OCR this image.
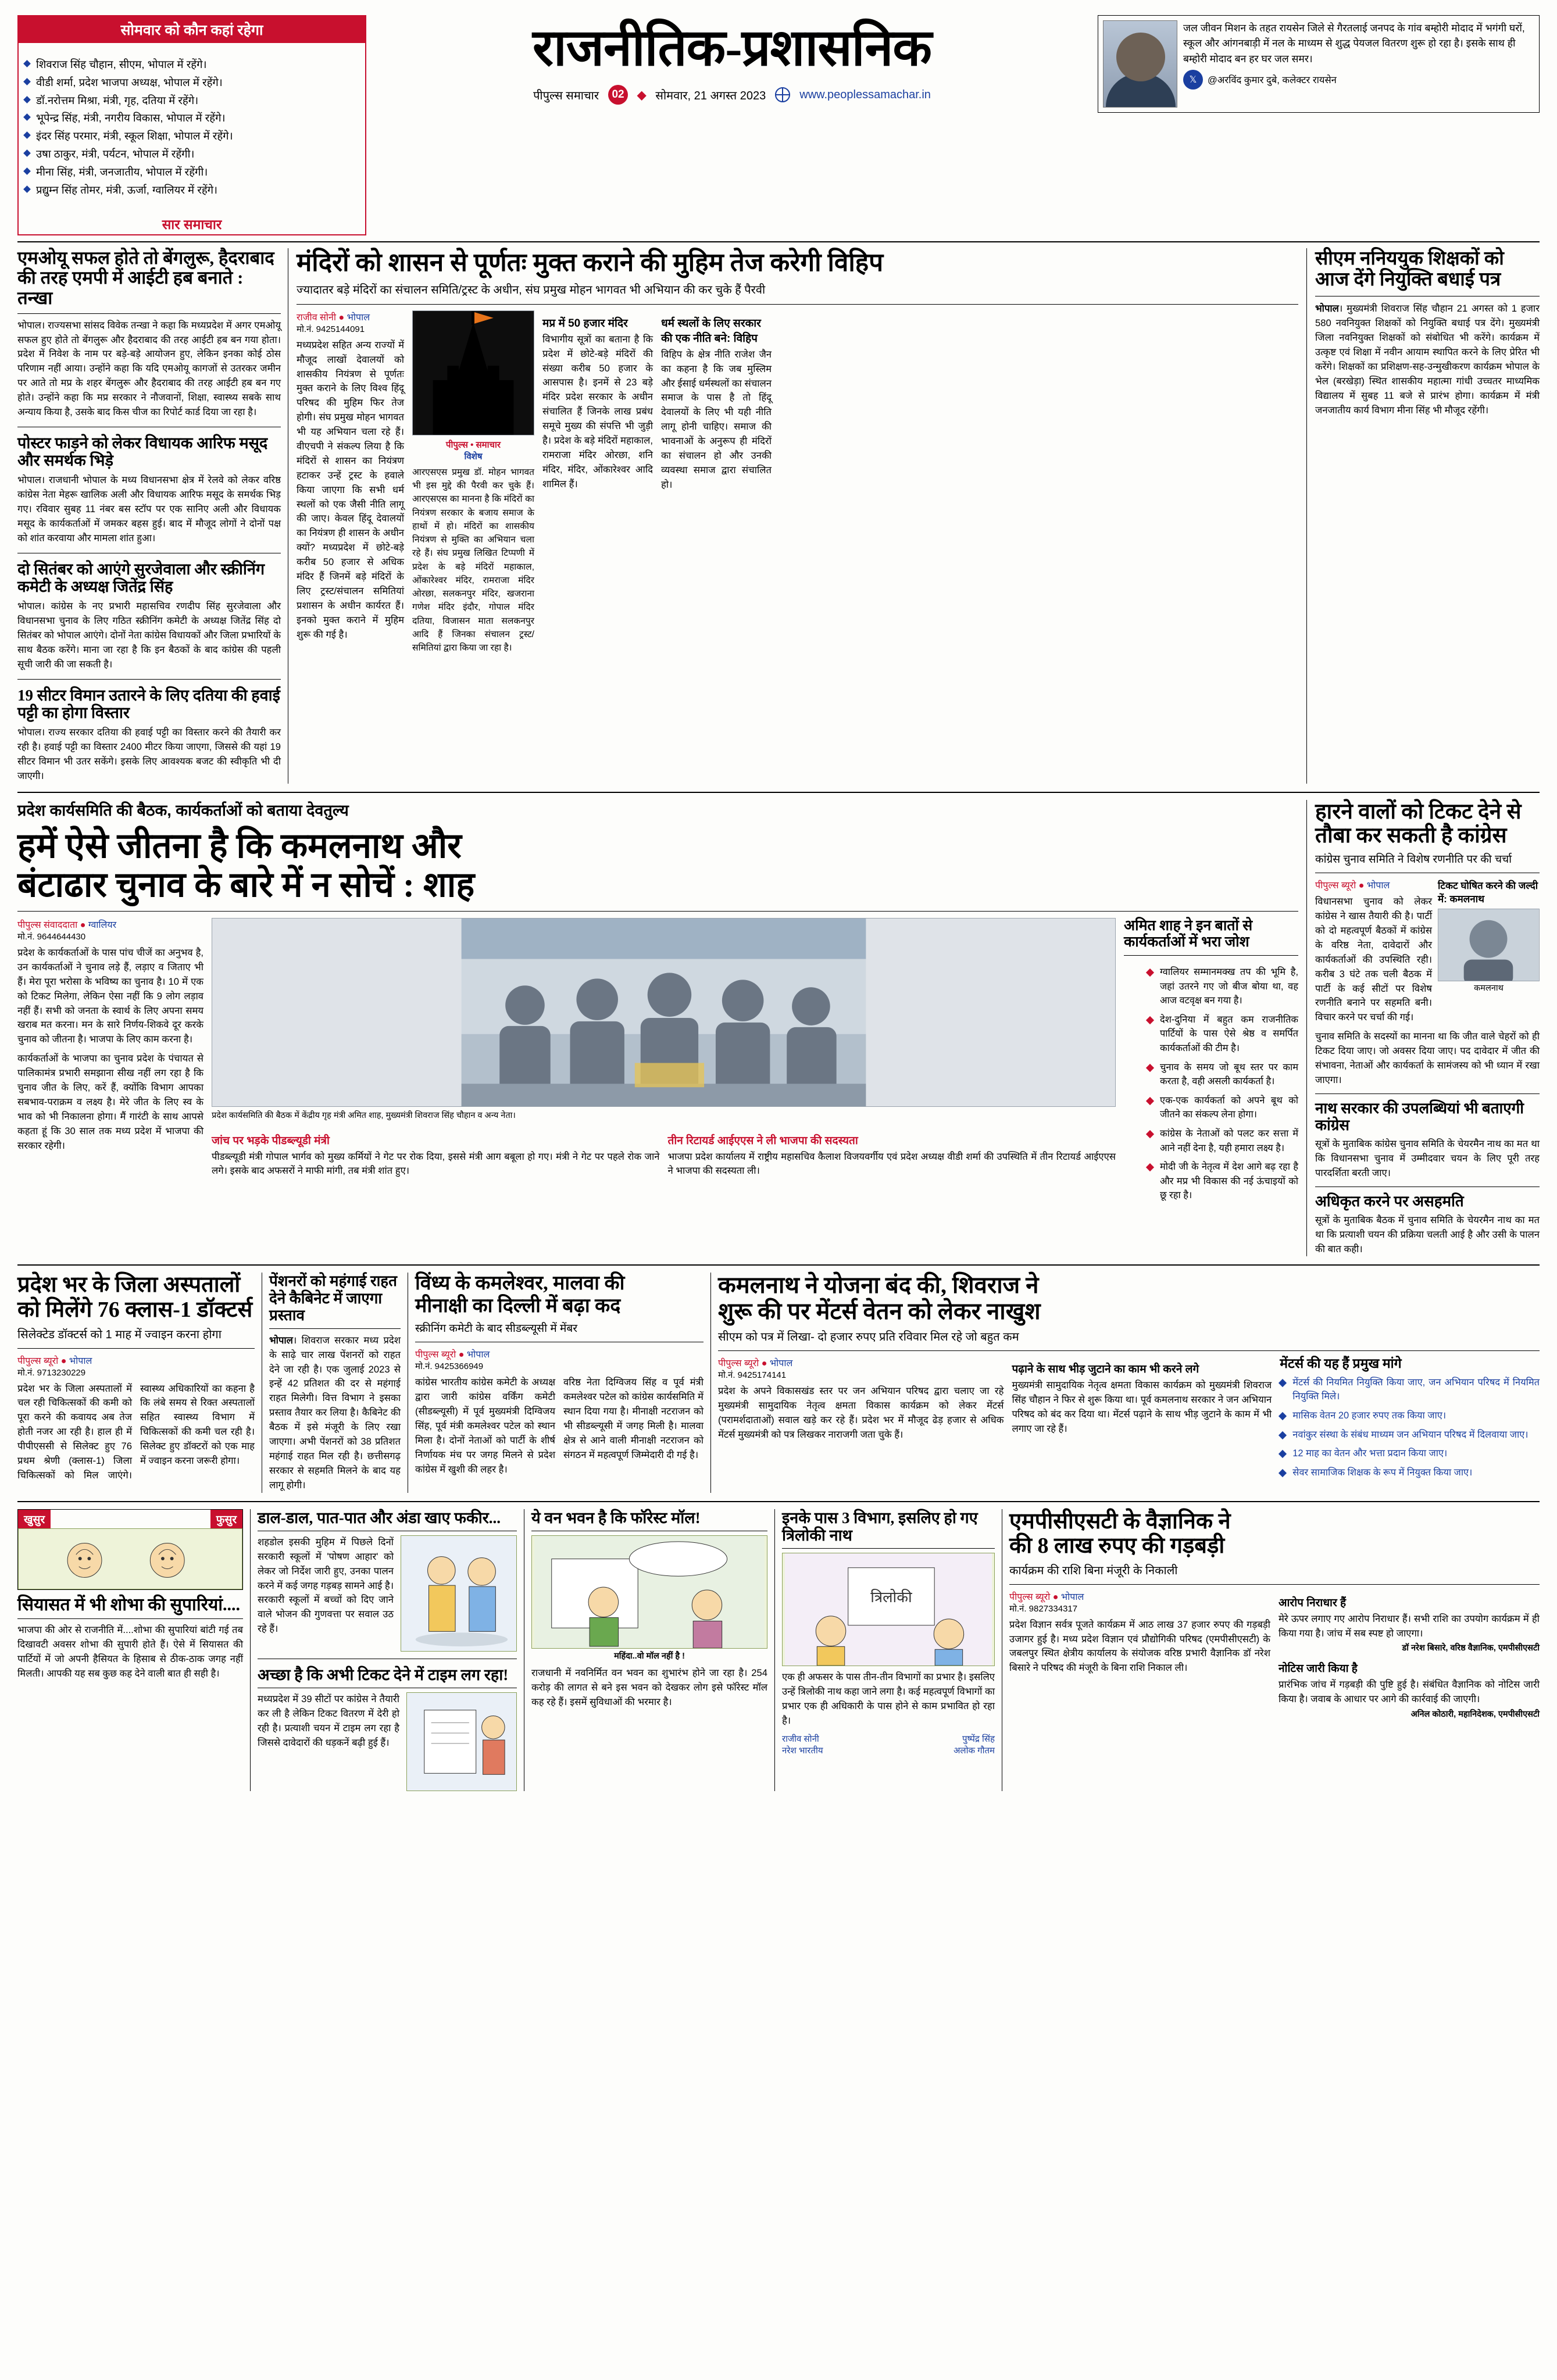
सोमवार को कौन कहां रहेगा
शिवराज सिंह चौहान, सीएम, भोपाल में रहेंगे।
वीडी शर्मा, प्रदेश भाजपा अध्यक्ष, भोपाल में रहेंगे।
डॉ.नरोत्तम मिश्रा, मंत्री, गृह, दतिया में रहेंगे।
भूपेन्द्र सिंह, मंत्री, नगरीय विकास, भोपाल में रहेंगे।
इंदर सिंह परमार, मंत्री, स्कूल शिक्षा, भोपाल में रहेंगे।
उषा ठाकुर, मंत्री, पर्यटन, भोपाल में रहेंगी।
मीना सिंह, मंत्री, जनजातीय, भोपाल में रहेंगी।
प्रद्युम्न सिंह तोमर, मंत्री, ऊर्जा, ग्वालियर में रहेंगे।
सार समाचार
राजनीतिक-प्रशासनिक
पीपुल्स समाचार	02	◆ सोमवार, 21 अगस्त 2023	www.peoplessamachar.in
जल जीवन मिशन के तहत रायसेन जिले से गैरतलाई जनपद के गांव बम्होरी मोदाद में भगंगी घरों, स्कूल और आंगनबाड़ी में नल के माध्यम से शुद्ध पेयजल वितरण शुरू हो रहा है। इसके साथ ही बम्होरी मोदाद बन हर घर जल समर।
𝕏	@अरविंद कुमार दुबे, कलेक्टर रायसेन
एमओयू सफल होते तो बेंगलुरू, हैदराबाद की तरह एमपी में आईटी हब बनाते : तन्खा
भोपाल। राज्यसभा सांसद विवेक तन्खा ने कहा कि मध्यप्रदेश में अगर एमओयू सफल हुए होते तो बेंगलुरू और हैदराबाद की तरह आईटी हब बन गया होता। प्रदेश में निवेश के नाम पर बड़े-बड़े आयोजन हुए, लेकिन इनका कोई ठोस परिणाम नहीं आया। उन्होंने कहा कि यदि एमओयू कागजों से उतरकर जमीन पर आते तो मप्र के शहर बेंगलुरू और हैदराबाद की तरह आईटी हब बन गए होते। उन्होंने कहा कि मप्र सरकार ने नौजवानों, शिक्षा, स्वास्थ्य सबके साथ अन्याय किया है, उसके बाद किस चीज का रिपोर्ट कार्ड दिया जा रहा है।
पोस्टर फाड़ने को लेकर विधायक आरिफ मसूद और समर्थक भिड़े
भोपाल। राजधानी भोपाल के मध्य विधानसभा क्षेत्र में रेलवे को लेकर वरिष्ठ कांग्रेस नेता मेहरू खालिक अली और विधायक आरिफ मसूद के समर्थक भिड़ गए। रविवार सुबह 11 नंबर बस स्टॉप पर एक सानिए अली और विधायक मसूद के कार्यकर्ताओं में जमकर बहस हुई। बाद में मौजूद लोगों ने दोनों पक्ष को शांत करवाया और मामला शांत हुआ।
दो सितंबर को आएंगे सुरजेवाला और स्क्रीनिंग कमेटी के अध्यक्ष जितेंद्र सिंह
भोपाल। कांग्रेस के नए प्रभारी महासचिव रणदीप सिंह सुरजेवाला और विधानसभा चुनाव के लिए गठित स्क्रीनिंग कमेटी के अध्यक्ष जितेंद्र सिंह दो सितंबर को भोपाल आएंगे। दोनों नेता कांग्रेस विधायकों और जिला प्रभारियों के साथ बैठक करेंगे। माना जा रहा है कि इन बैठकों के बाद कांग्रेस की पहली सूची जारी की जा सकती है।
19 सीटर विमान उतारने के लिए दतिया की हवाई पट्टी का होगा विस्तार
भोपाल। राज्य सरकार दतिया की हवाई पट्टी का विस्तार करने की तैयारी कर रही है। हवाई पट्टी का विस्तार 2400 मीटर किया जाएगा, जिससे की यहां 19 सीटर विमान भी उतर सकेंगे। इसके लिए आवश्यक बजट की स्वीकृति भी दी जाएगी।
मंदिरों को शासन से पूर्णतः मुक्त कराने की मुहिम तेज करेगी विहिप
ज्यादातर बड़े मंदिरों का संचालन समिति/ट्रस्ट के अधीन, संघ प्रमुख मोहन भागवत भी अभियान की कर चुके हैं पैरवी
राजीव सोनी ● भोपाल
मो.नं. 9425144091
मध्यप्रदेश सहित अन्य राज्यों में मौजूद लाखों देवालयों को शासकीय नियंत्रण से पूर्णतः मुक्त कराने के लिए विश्व हिंदू परिषद की मुहिम फिर तेज होगी। संघ प्रमुख मोहन भागवत भी यह अभियान चला रहे हैं। वीएचपी ने संकल्प लिया है कि मंदिरों से शासन का नियंत्रण हटाकर उन्हें ट्रस्ट के हवाले किया जाएगा कि सभी धर्म स्थलों को एक जैसी नीति लागू की जाए। केवल हिंदू देवालयों का नियंत्रण ही शासन के अधीन क्यों? मध्यप्रदेश में छोटे-बड़े करीब 50 हजार से अधिक मंदिर हैं जिनमें बड़े मंदिरों के लिए ट्रस्ट/संचालन समितियां प्रशासन के अधीन कार्यरत हैं। इनको मुक्त कराने में मुहिम शुरू की गई है।
पीपुल्स • समाचार
विशेष
आरएसएस प्रमुख डॉ. मोहन भागवत भी इस मुद्दे की पैरवी कर चुके हैं। आरएसएस का मानना है कि मंदिरों का नियंत्रण सरकार के बजाय समाज के हाथों में हो। मंदिरों का शासकीय नियंत्रण से मुक्ति का अभियान चला रहे हैं। संघ प्रमुख लिखित टिप्पणी में प्रदेश के बड़े मंदिरों महाकाल, ओंकारेश्वर मंदिर, रामराजा मंदिर ओरछा, सलकनपुर मंदिर, खजराना गणेश मंदिर इंदौर, गोपाल मंदिर दतिया, विजासन माता सलकनपुर आदि हैं जिनका संचालन ट्रस्ट/समितियां द्वारा किया जा रहा है।
मप्र में 50 हजार मंदिर
विभागीय सूत्रों का बताना है कि प्रदेश में छोटे-बड़े मंदिरों की संख्या करीब 50 हजार के आसपास है। इनमें से 23 बड़े मंदिर प्रदेश सरकार के अधीन संचालित हैं जिनके लाख प्रबंध समूचे मुख्य की संपत्ति भी जुड़ी है। प्रदेश के बड़े मंदिरों महाकाल, रामराजा मंदिर ओरछा, शनि मंदिर, मंदिर, ओंकारेश्वर आदि शामिल हैं।
धर्म स्थलों के लिए सरकार की एक नीति बने: विहिप
विहिप के क्षेत्र नीति राजेश जैन का कहना है कि जब मुस्लिम और ईसाई धर्मस्थलों का संचालन समाज के पास है तो हिंदू देवालयों के लिए भी यही नीति लागू होनी चाहिए। समाज की भावनाओं के अनुरूप ही मंदिरों का संचालन हो और उनकी व्यवस्था समाज द्वारा संचालित हो।
सीएम ननिययुक शिक्षकों को आज देंगे नियुक्ति बधाई पत्र
भोपाल। मुख्यमंत्री शिवराज सिंह चौहान 21 अगस्त को 1 हजार 580 नवनियुक्त शिक्षकों को नियुक्ति बधाई पत्र देंगे। मुख्यमंत्री जिला नवनियुक्त शिक्षकों को संबोधित भी करेंगे। कार्यक्रम में उत्कृष्ट एवं शिक्षा में नवीन आयाम स्थापित करने के लिए प्रेरित भी करेंगे। शिक्षकों का प्रशिक्षण-सह-उन्मुखीकरण कार्यक्रम भोपाल के भेल (बरखेड़ा) स्थित शासकीय महात्मा गांधी उच्चतर माध्यमिक विद्यालय में सुबह 11 बजे से प्रारंभ होगा। कार्यक्रम में मंत्री जनजातीय कार्य विभाग मीना सिंह भी मौजूद रहेंगी।
प्रदेश कार्यसमिति की बैठक, कार्यकर्ताओं को बताया देवतुल्य
हमें ऐसे जीतना है कि कमलनाथ और
बंटाढार चुनाव के बारे में न सोचें : शाह
पीपुल्स संवाददाता ● ग्वालियर
मो.नं. 9644644430
प्रदेश के कार्यकर्ताओं के पास पांच चीजें का अनुभव है, उन कार्यकर्ताओं ने चुनाव लड़े हैं, लड़ाए व जिताए भी हैं। मेरा पूरा भरोसा के भविष्य का चुनाव है। 10 में एक को टिकट मिलेगा, लेकिन ऐसा नहीं कि 9 लोग लड़ाव नहीं हैं। सभी को जनता के स्वार्थ के लिए अपना समय खराब मत करना। मन के सारे निर्णय-शिकवे दूर करके चुनाव को जीतना है। भाजपा के लिए काम करना है।
कार्यकर्ताओं के भाजपा का चुनाव प्रदेश के पंचायत से पालिकामंत्र प्रभारी समझाना सीख नहीं लग रहा है कि चुनाव जीत के लिए, करें हैं, क्योंकि विभाग आपका सबभाव-पराक्रम व लक्ष्य है। मेरे जीत के लिए स्व के भाव को भी निकालना होगा। मैं गारंटी के साथ आपसे कहता हूं कि 30 साल तक मध्य प्रदेश में भाजपा की सरकार रहेगी।
प्रदेश कार्यसमिति की बैठक में केंद्रीय गृह मंत्री अमित शाह, मुख्यमंत्री शिवराज सिंह चौहान व अन्य नेता।
जांच पर भड़के पीडब्ल्यूडी मंत्री
पीडब्ल्यूडी मंत्री गोपाल भार्गव को मुख्य कर्मियों ने गेट पर रोक दिया, इससे मंत्री आग बबूला हो गए। मंत्री ने गेट पर पहले रोक जाने लगे। इसके बाद अफसरों ने माफी मांगी, तब मंत्री शांत हुए।
तीन रिटायर्ड आईएएस ने ली भाजपा की सदस्यता
भाजपा प्रदेश कार्यालय में राष्ट्रीय महासचिव कैलाश विजयवर्गीय एवं प्रदेश अध्यक्ष वीडी शर्मा की उपस्थिति में तीन रिटायर्ड आईएएस ने भाजपा की सदस्यता ली।
अमित शाह ने इन बातों से कार्यकर्ताओं में भरा जोश
ग्वालियर सम्मानमक्ख तप की भूमि है, जहां उतरने गए जो बीज बोया था, वह आज वटवृक्ष बन गया है।
देश-दुनिया में बहुत कम राजनीतिक पार्टियों के पास ऐसे श्रेष्ठ व समर्पित कार्यकर्ताओं की टीम है।
चुनाव के समय जो बूथ स्तर पर काम करता है, वही असली कार्यकर्ता है।
एक-एक कार्यकर्ता को अपने बूथ को जीतने का संकल्प लेना होगा।
कांग्रेस के नेताओं को पलट कर सत्ता में आने नहीं देना है, यही हमारा लक्ष्य है।
मोदी जी के नेतृत्व में देश आगे बढ़ रहा है और मप्र भी विकास की नई ऊंचाइयों को छू रहा है।
हारने वालों को टिकट देने से
तौबा कर सकती है कांग्रेस
कांग्रेस चुनाव समिति ने विशेष रणनीति पर की चर्चा
पीपुल्स ब्यूरो ● भोपाल
विधानसभा चुनाव को लेकर कांग्रेस ने खास तैयारी की है। पार्टी को दो महत्वपूर्ण बैठकों में कांग्रेस के वरिष्ठ नेता, दावेदारों और कार्यकर्ताओं की उपस्थिति रही। करीब 3 घंटे तक चली बैठक में पार्टी के कई सीटों पर विशेष रणनीति बनाने पर सहमति बनी। विचार करने पर चर्चा की गई।
टिकट घोषित करने की जल्दी में: कमलनाथ
कमलनाथ
चुनाव समिति के सदस्यों का मानना था कि जीत वाले चेहरों को ही टिकट दिया जाए। जो अवसर दिया जाए। पद दावेदार में जीत की संभावना, नेताओं और कार्यकर्ता के सामंजस्य को भी ध्यान में रखा जाएगा।
नाथ सरकार की उपलब्धियां भी बताएगी कांग्रेस
सूत्रों के मुताबिक कांग्रेस चुनाव समिति के चेयरमैन नाथ का मत था कि विधानसभा चुनाव में उम्मीदवार चयन के लिए पूरी तरह पारदर्शिता बरती जाए।
अधिकृत करने पर असहमति
सूत्रों के मुताबिक बैठक में चुनाव समिति के चेयरमैन नाथ का मत था कि प्रत्याशी चयन की प्रक्रिया चलती आई है और उसी के पालन की बात कही।
प्रदेश भर के जिला अस्पतालों
को मिलेंगे 76 क्लास-1 डॉक्टर्स
सिलेक्टेड डॉक्टर्स को 1 माह में ज्वाइन करना होगा
पीपुल्स ब्यूरो ● भोपाल
मो.नं. 9713230229
प्रदेश भर के जिला अस्पतालों में चल रही चिकित्सकों की कमी को पूरा करने की कवायद अब तेज होती नजर आ रही है। हाल ही में पीपीएससी से सिलेक्ट हुए 76 प्रथम श्रेणी (क्लास-1) जिला चिकित्सकों को मिल जाएंगे। स्वास्थ्य अधिकारियों का कहना है कि लंबे समय से रिक्त अस्पतालों सहित स्वास्थ्य विभाग में चिकित्सकों की कमी चल रही है। सिलेक्ट हुए डॉक्टरों को एक माह में ज्वाइन करना जरूरी होगा।
पेंशनरों को महंगाई राहत देने कैबिनेट में जाएगा प्रस्ताव
भोपाल। शिवराज सरकार मध्य प्रदेश के साढ़े चार लाख पेंशनरों को राहत देने जा रही है। एक जुलाई 2023 से इन्हें 42 प्रतिशत की दर से महंगाई राहत मिलेगी। वित्त विभाग ने इसका प्रस्ताव तैयार कर लिया है। कैबिनेट की बैठक में इसे मंजूरी के लिए रखा जाएगा। अभी पेंशनरों को 38 प्रतिशत महंगाई राहत मिल रही है। छत्तीसगढ़ सरकार से सहमति मिलने के बाद यह लागू होगी।
विंध्य के कमलेश्वर, मालवा की
मीनाक्षी का दिल्ली में बढ़ा कद
स्क्रीनिंग कमेटी के बाद सीडब्ल्यूसी में मेंबर
पीपुल्स ब्यूरो ● भोपाल
मो.नं. 9425366949
कांग्रेस भारतीय कांग्रेस कमेटी के अध्यक्ष द्वारा जारी कांग्रेस वर्किंग कमेटी (सीडब्ल्यूसी) में पूर्व मुख्यमंत्री दिग्विजय सिंह, पूर्व मंत्री कमलेश्वर पटेल को स्थान मिला है। दोनों नेताओं को पार्टी के शीर्ष निर्णायक मंच पर जगह मिलने से प्रदेश कांग्रेस में खुशी की लहर है।
वरिष्ठ नेता दिग्विजय सिंह व पूर्व मंत्री कमलेश्वर पटेल को कांग्रेस कार्यसमिति में स्थान दिया गया है। मीनाक्षी नटराजन को भी सीडब्ल्यूसी में जगह मिली है। मालवा क्षेत्र से आने वाली मीनाक्षी नटराजन को संगठन में महत्वपूर्ण जिम्मेदारी दी गई है।
कमलनाथ ने योजना बंद की, शिवराज ने
शुरू की पर मेंटर्स वेतन को लेकर नाखुश
सीएम को पत्र में लिखा- दो हजार रुपए प्रति रविवार मिल रहे जो बहुत कम
पीपुल्स ब्यूरो ● भोपाल
मो.नं. 9425174141
प्रदेश के अपने विकासखंड स्तर पर जन अभियान परिषद द्वारा चलाए जा रहे मुख्यमंत्री सामुदायिक नेतृत्व क्षमता विकास कार्यक्रम को लेकर मेंटर्स (परामर्शदाताओं) सवाल खड़े कर रहे हैं। प्रदेश भर में मौजूद ढेड़ हजार से अधिक मेंटर्स मुख्यमंत्री को पत्र लिखकर नाराजगी जता चुके हैं।
पढ़ाने के साथ भीड़ जुटाने का काम भी करने लगे
मुख्यमंत्री सामुदायिक नेतृत्व क्षमता विकास कार्यक्रम को मुख्यमंत्री शिवराज सिंह चौहान ने फिर से शुरू किया था। पूर्व कमलनाथ सरकार ने जन अभियान परिषद को बंद कर दिया था। मेंटर्स पढ़ाने के साथ भीड़ जुटाने के काम में भी लगाए जा रहे हैं।
मेंटर्स की यह हैं प्रमुख मांगे
मेंटर्स की नियमित नियुक्ति किया जाए, जन अभियान परिषद में नियमित नियुक्ति मिले।
मासिक वेतन 20 हजार रुपए तक किया जाए।
नवांकुर संस्था के संबंध माध्यम जन अभियान परिषद में दिलवाया जाए।
12 माह का वेतन और भत्ता प्रदान किया जाए।
सेवर सामाजिक शिक्षक के रूप में नियुक्त किया जाए।
खुसुर	फुसुर
सियासत में भी शोभा की सुपारियां....
भाजपा की ओर से राजनीति में....शोभा की सुपारियां बांटी गई तब दिखावटी अवसर शोभा की सुपारी होते हैं। ऐसे में सियासत की पार्टियों में जो अपनी हैसियत के हिसाब से ठीक-ठाक जगह नहीं मिलती। आपकी यह सब कुछ कह देने वाली बात ही सही है।
डाल-डाल, पात-पात और अंडा खाए फकीर...
शहडोल इसकी मुहिम में पिछले दिनों सरकारी स्कूलों में 'पोषण आहार' को लेकर जो निर्देश जारी हुए, उनका पालन करने में कई जगह गड़बड़ सामने आई है। सरकारी स्कूलों में बच्चों को दिए जाने वाले भोजन की गुणवत्ता पर सवाल उठ रहे हैं।
अच्छा है कि अभी टिकट देने में टाइम लग रहा!
मध्यप्रदेश में 39 सीटों पर कांग्रेस ने तैयारी कर ली है लेकिन टिकट वितरण में देरी हो रही है। प्रत्याशी चयन में टाइम लग रहा है जिससे दावेदारों की धड़कनें बढ़ी हुई हैं।
ये वन भवन है कि फॉरेस्ट मॉल!
महिंदा..वो मॉल नहीं है !
राजधानी में नवनिर्मित वन भवन का शुभारंभ होने जा रहा है। 254 करोड़ की लागत से बने इस भवन को देखकर लोग इसे फॉरेस्ट मॉल कह रहे हैं। इसमें सुविधाओं की भरमार है।
इनके पास 3 विभाग, इसलिए हो गए त्रिलोकी नाथ
त्रिलोकी
एक ही अफसर के पास तीन-तीन विभागों का प्रभार है। इसलिए उन्हें त्रिलोकी नाथ कहा जाने लगा है। कई महत्वपूर्ण विभागों का प्रभार एक ही अधिकारी के पास होने से काम प्रभावित हो रहा है।
राजीव सोनी	पुष्पेंद्र सिंह
नरेश भारतीय	अलोक गौतम
एमपीसीएसटी के वैज्ञानिक ने
की 8 लाख रुपए की गड़बड़ी
कार्यक्रम की राशि बिना मंजूरी के निकाली
पीपुल्स ब्यूरो ● भोपाल
मो.नं. 9827334317
प्रदेश विज्ञान सर्वत्र पूजते कार्यक्रम में आठ लाख 37 हजार रुपए की गड़बड़ी उजागर हुई है। मध्य प्रदेश विज्ञान एवं प्रौद्योगिकी परिषद (एमपीसीएसटी) के जबलपुर स्थित क्षेत्रीय कार्यालय के संयोजक वरिष्ठ प्रभारी वैज्ञानिक डॉ नरेश बिसारे ने परिषद की मंजूरी के बिना राशि निकाल ली।
आरोप निराधार हैं
मेरे ऊपर लगाए गए आरोप निराधार हैं। सभी राशि का उपयोग कार्यक्रम में ही किया गया है। जांच में सब स्पष्ट हो जाएगा।
डॉ नरेश बिसारे, वरिष्ठ वैज्ञानिक, एमपीसीएसटी
नोटिस जारी किया है
प्रारंभिक जांच में गड़बड़ी की पुष्टि हुई है। संबंधित वैज्ञानिक को नोटिस जारी किया है। जवाब के आधार पर आगे की कार्रवाई की जाएगी।
अनिल कोठारी, महानिदेशक, एमपीसीएसटी
